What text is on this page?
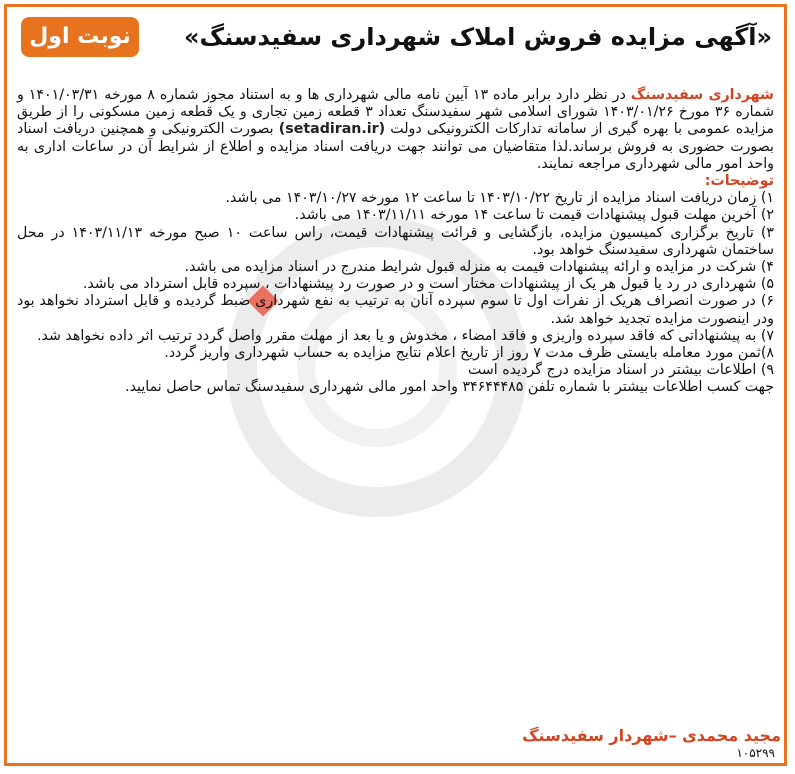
«آگهی مزایده فروش املاک شهرداری سفیدسنگ»
نوبت اول

شهرداری سفیدسنگ در نظر دارد برابر ماده ۱۳ آیین نامه مالی شهرداری ها و به استناد مجوز شماره ۸ مورخه ۱۴۰۱/۰۳/۳۱ و شماره ۳۶ مورخ ۱۴۰۳/۰۱/۲۶ شورای اسلامی شهر سفیدسنگ تعداد ۳ قطعه زمین تجاری و یک قطعه زمین مسکونی را از طریق مزایده عمومی با بهره گیری از سامانه تدارکات الکترونیکی دولت (setadiran.ir) بصورت الکترونیکی و همچنین دریافت اسناد بصورت حضوری به فروش برساند.لذا متقاضیان می توانند جهت دریافت اسناد مزایده و اطلاع از شرایط آن در ساعات اداری به واحد امور مالی شهرداری مراجعه نمایند.

توضیحات:

۱) زمان دریافت اسناد مزایده از تاریخ ۱۴۰۳/۱۰/۲۲ تا ساعت ۱۲ مورخه ۱۴۰۳/۱۰/۲۷ می باشد.

۲) آخرین مهلت قبول پیشنهادات قیمت تا ساعت ۱۴ مورخه ۱۴۰۳/۱۱/۱۱ می باشد.

۳) تاریخ برگزاری کمیسیون مزایده، بازگشایی و قرائت پیشنهادات قیمت، راس ساعت ۱۰ صبح مورخه ۱۴۰۳/۱۱/۱۳ در محل ساختمان شهرداری سفیدسنگ خواهد بود.

۴) شرکت در مزایده و ارائه پیشنهادات قیمت به منزله قبول شرایط مندرج در اسناد مزایده می باشد.

۵) شهرداری در رد یا قبول هر یک از پیشنهادات مختار است و در صورت رد پیشنهادات ، سپرده قابل استرداد می باشد.

۶) در صورت انصراف هریک از نفرات اول تا سوم سپرده آنان به ترتیب به نفع شهرداری ضبط گردیده و قابل استرداد نخواهد بود ودر اینصورت مزایده تجدید خواهد شد.

۷) به پیشنهاداتی که فاقد سپرده واریزی و فاقد امضاء ، مخدوش و یا بعد از مهلت مقرر واصل گردد ترتیب اثر داده نخواهد شد.

۸)ثمن مورد معامله بایستی ظرف مدت ۷ روز از تاریخ اعلام نتایج مزایده به حساب شهرداری واریز گردد.

۹) اطلاعات بیشتر در اسناد مزایده درج گردیده است

جهت کسب اطلاعات بیشتر با شماره تلفن ۳۴۶۴۴۴۸۵ واحد امور مالی شهرداری سفیدسنگ تماس حاصل نمایید.

مجید محمدی –شهردار سفیدسنگ
۱۰۵۲۹۹
